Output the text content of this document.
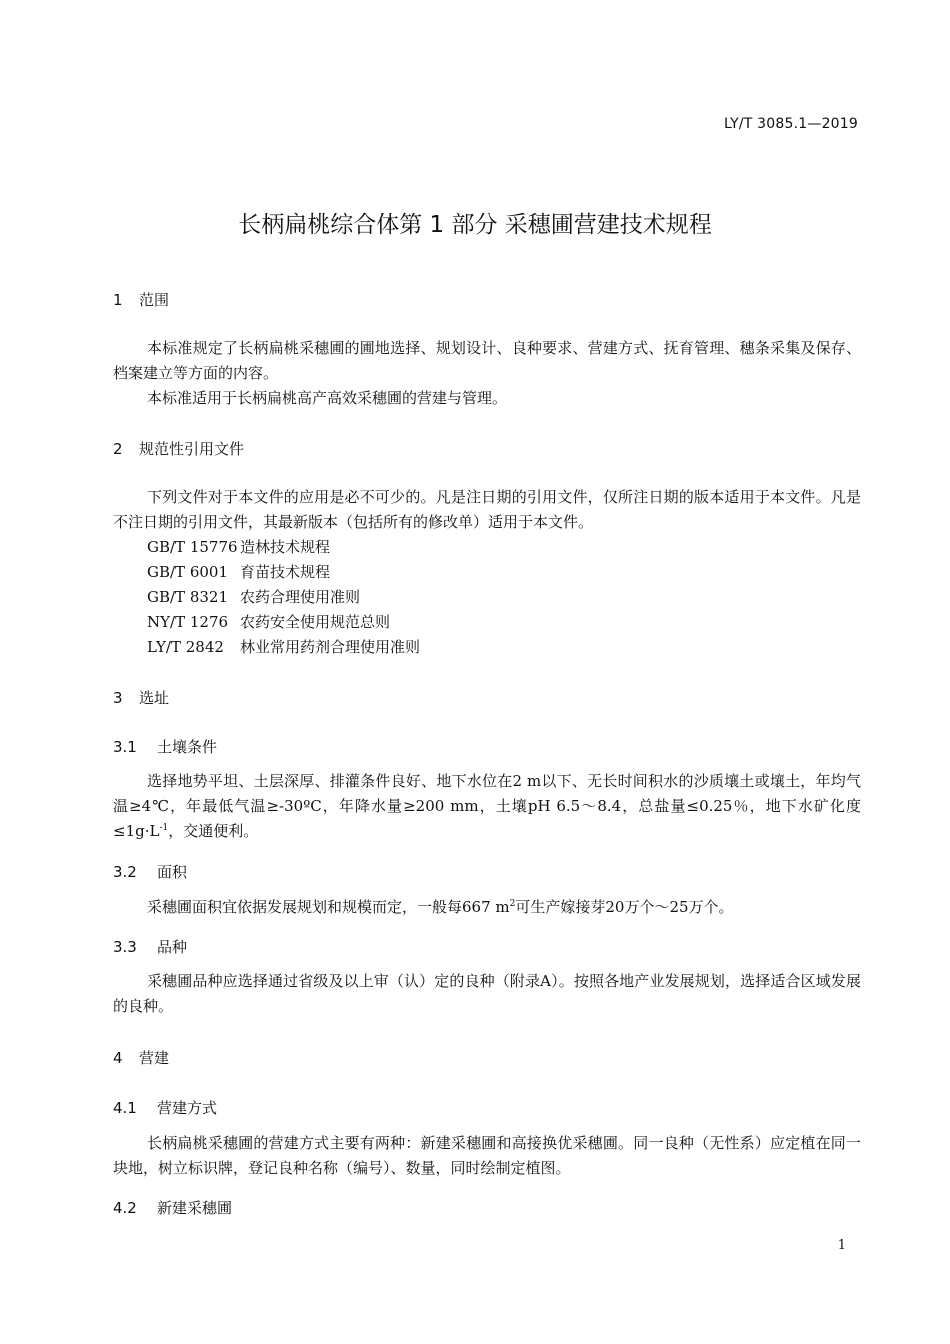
LY/T 3085.1—2019
长柄扁桃综合体第 1 部分 采穗圃营建技术规程
1 范围
本标准规定了长柄扁桃采穗圃的圃地选择、规划设计、良种要求、营建方式、抚育管理、穗条采集及保存、档案建立等方面的内容。
本标准适用于长柄扁桃高产高效采穗圃的营建与管理。
2 规范性引用文件
下列文件对于本文件的应用是必不可少的。凡是注日期的引用文件，仅所注日期的版本适用于本文件。凡是不注日期的引用文件，其最新版本（包括所有的修改单）适用于本文件。
GB/T 15776 造林技术规程
GB/T 6001 育苗技术规程
GB/T 8321 农药合理使用准则
NY/T 1276 农药安全使用规范总则
LY/T 2842 林业常用药剂合理使用准则
3 选址
3.1 土壤条件
选择地势平坦、土层深厚、排灌条件良好、地下水位在2 m以下、无长时间积水的沙质壤土或壤土，年均气温≥4℃，年最低气温≥-30ºC，年降水量≥200 mm，土壤pH 6.5～8.4，总盐量≤0.25％，地下水矿化度$\le 1g\cdot L^{-1}$，交通便利。
3.2 面积
采穗圃面积宜依据发展规划和规模而定，一般每667 $m^2$可生产嫁接芽20万个～25万个。
3.3 品种
采穗圃品种应选择通过省级及以上审（认）定的良种（附录A）。按照各地产业发展规划，选择适合区域发展的良种。
4 营建
4.1 营建方式
长柄扁桃采穗圃的营建方式主要有两种：新建采穗圃和高接换优采穗圃。同一良种（无性系）应定植在同一块地，树立标识牌，登记良种名称（编号）、数量，同时绘制定植图。
4.2 新建采穗圃
1
